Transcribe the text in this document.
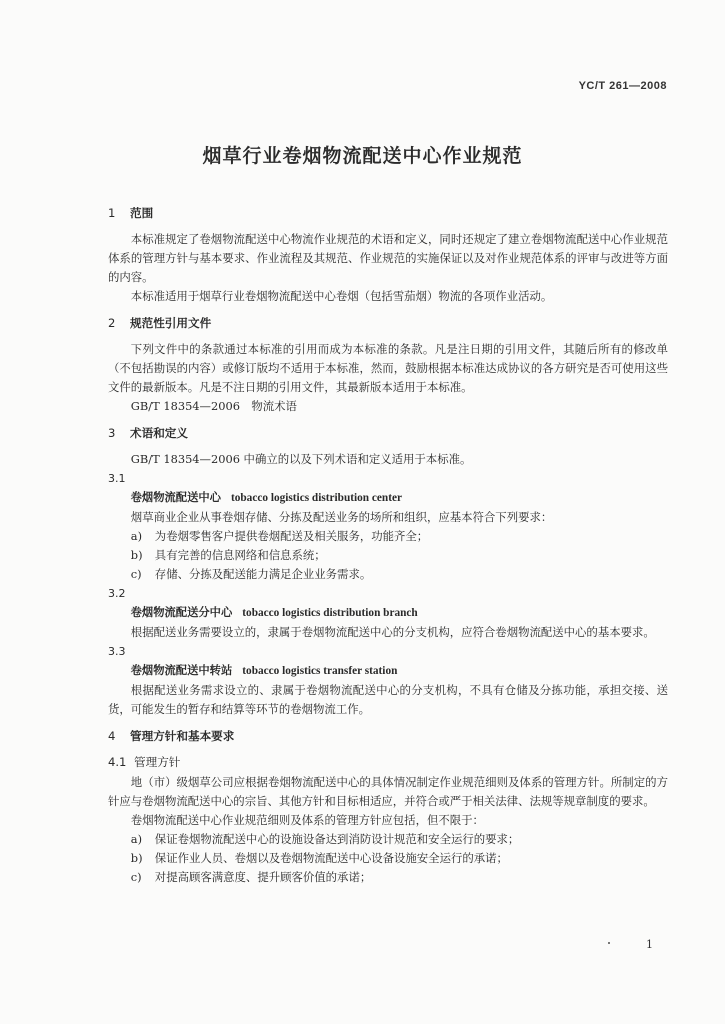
YC/T 261—2008
烟草行业卷烟物流配送中心作业规范
1 范围

本标准规定了卷烟物流配送中心物流作业规范的术语和定义，同时还规定了建立卷烟物流配送中心作业规范体系的管理方针与基本要求、作业流程及其规范、作业规范的实施保证以及对作业规范体系的评审与改进等方面的内容。

本标准适用于烟草行业卷烟物流配送中心卷烟（包括雪茄烟）物流的各项作业活动。

2 规范性引用文件

下列文件中的条款通过本标准的引用而成为本标准的条款。凡是注日期的引用文件，其随后所有的修改单（不包括勘误的内容）或修订版均不适用于本标准，然而，鼓励根据本标准达成协议的各方研究是否可使用这些文件的最新版本。凡是不注日期的引用文件，其最新版本适用于本标准。

GB/T 18354—2006　物流术语

3 术语和定义

GB/T 18354—2006 中确立的以及下列术语和定义适用于本标准。

3.1
卷烟物流配送中心 tobacco logistics distribution center

烟草商业企业从事卷烟存储、分拣及配送业务的场所和组织，应基本符合下列要求：

a)	为卷烟零售客户提供卷烟配送及相关服务，功能齐全；
b)	具有完善的信息网络和信息系统；
c)	存储、分拣及配送能力满足企业业务需求。
3.2
卷烟物流配送分中心 tobacco logistics distribution branch

根据配送业务需要设立的，隶属于卷烟物流配送中心的分支机构，应符合卷烟物流配送中心的基本要求。

3.3
卷烟物流配送中转站 tobacco logistics transfer station

根据配送业务需求设立的、隶属于卷烟物流配送中心的分支机构，不具有仓储及分拣功能，承担交接、送货，可能发生的暂存和结算等环节的卷烟物流工作。

4 管理方针和基本要求
4.1 管理方针

地（市）级烟草公司应根据卷烟物流配送中心的具体情况制定作业规范细则及体系的管理方针。所制定的方针应与卷烟物流配送中心的宗旨、其他方针和目标相适应，并符合或严于相关法律、法规等规章制度的要求。

卷烟物流配送中心作业规范细则及体系的管理方针应包括，但不限于：

a)	保证卷烟物流配送中心的设施设备达到消防设计规范和安全运行的要求；
b)	保证作业人员、卷烟以及卷烟物流配送中心设备设施安全运行的承诺；
c)	对提高顾客满意度、提升顾客价值的承诺；
1
